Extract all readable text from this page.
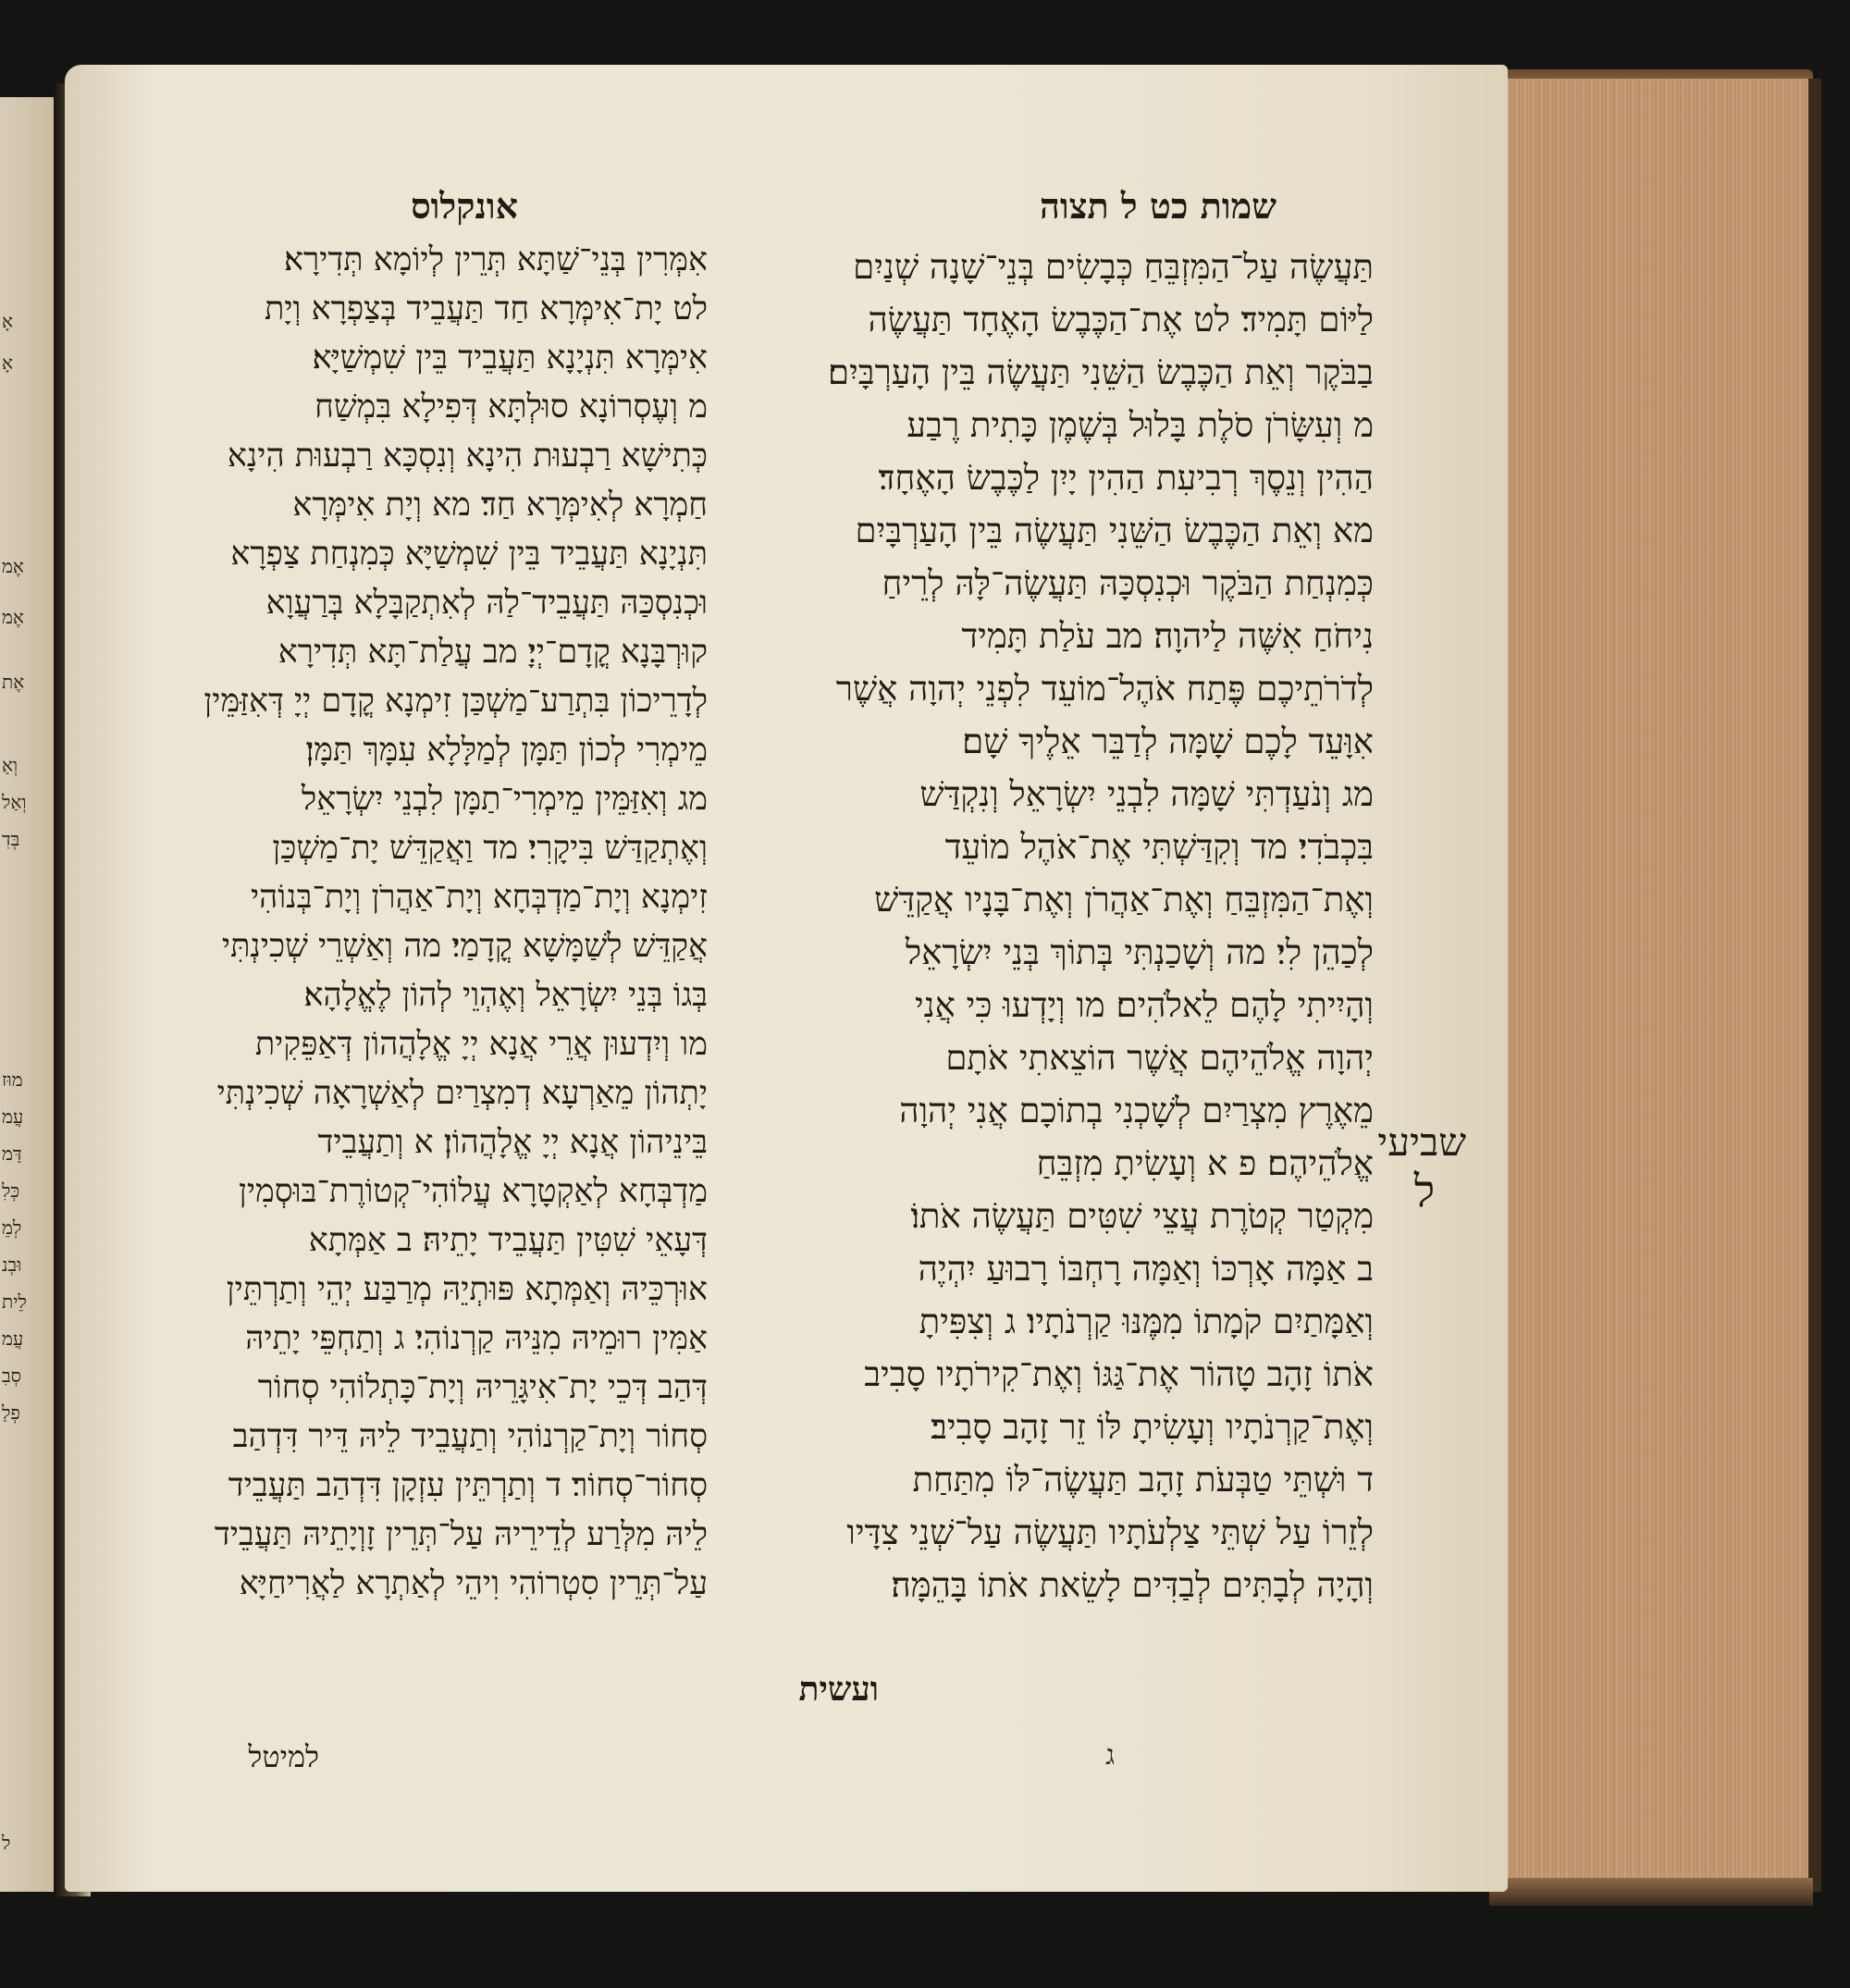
אָ
אָ
אֶמ
אֶמ
אֶת
וְאַ
וְאַל
בְּדִ
מוּז
עֲמ
דַּמ
כְּלִ
לְמֵ
וּבְנ
לֵית
עֲמ
סְבִ
פְלַ
ל
שמות כט ל תצוה
אונקלוס
תַּעֲשֶׂה עַל־הַמִּזְבֵּחַ כְּבָשִׂים בְּנֵי־שָׁנָה שְׁנַיִם
לַיּוֹם תָּמִיד׃ לט אֶת־הַכֶּבֶשׂ הָאֶחָד תַּעֲשֶׂה
בַבֹּקֶר וְאֵת הַכֶּבֶשׂ הַשֵּׁנִי תַּעֲשֶׂה בֵּין הָעַרְבָּיִם׃
מ וְעִשָּׂרֹן סֹלֶת בָּלוּל בְּשֶׁמֶן כָּתִית רֶבַע
הַהִין וְנֵסֶךְ רְבִיעִת הַהִין יָיִן לַכֶּבֶשׂ הָאֶחָד׃
מא וְאֵת הַכֶּבֶשׂ הַשֵּׁנִי תַּעֲשֶׂה בֵּין הָעַרְבָּיִם
כְּמִנְחַת הַבֹּקֶר וּכְנִסְכָּהּ תַּעֲשֶׂה־לָּהּ לְרֵיחַ
נִיחֹחַ אִשֶּׁה לַיהוָה׃ מב עֹלַת תָּמִיד
לְדֹרֹתֵיכֶם פֶּתַח אֹהֶל־מוֹעֵד לִפְנֵי יְהוָה אֲשֶׁר
אִוָּעֵד לָכֶם שָׁמָּה לְדַבֵּר אֵלֶיךָ שָׁם׃
מג וְנֹעַדְתִּי שָׁמָּה לִבְנֵי יִשְׂרָאֵל וְנִקְדַּשׁ
בִּכְבֹדִי׃ מד וְקִדַּשְׁתִּי אֶת־אֹהֶל מוֹעֵד
וְאֶת־הַמִּזְבֵּחַ וְאֶת־אַהֲרֹן וְאֶת־בָּנָיו אֲקַדֵּשׁ
לְכַהֵן לִי׃ מה וְשָׁכַנְתִּי בְּתוֹךְ בְּנֵי יִשְׂרָאֵל
וְהָיִיתִי לָהֶם לֵאלֹהִים׃ מו וְיָדְעוּ כִּי אֲנִי
יְהוָה אֱלֹהֵיהֶם אֲשֶׁר הוֹצֵאתִי אֹתָם
מֵאֶרֶץ מִצְרַיִם לְשָׁכְנִי בְתוֹכָם אֲנִי יְהוָה
אֱלֹהֵיהֶם׃ פ א וְעָשִׂיתָ מִזְבֵּחַ
מִקְטַר קְטֹרֶת עֲצֵי שִׁטִּים תַּעֲשֶׂה אֹתוֹ׃
ב אַמָּה אָרְכּוֹ וְאַמָּה רָחְבּוֹ רָבוּעַ יִהְיֶה
וְאַמָּתַיִם קֹמָתוֹ מִמֶּנּוּ קַרְנֹתָיו׃ ג וְצִפִּיתָ
אֹתוֹ זָהָב טָהוֹר אֶת־גַּגּוֹ וְאֶת־קִירֹתָיו סָבִיב
וְאֶת־קַרְנֹתָיו וְעָשִׂיתָ לּוֹ זֵר זָהָב סָבִיב׃
ד וּשְׁתֵּי טַבְּעֹת זָהָב תַּעֲשֶׂה־לּוֹ מִתַּחַת
לְזֵרוֹ עַל שְׁתֵּי צַלְעֹתָיו תַּעֲשֶׂה עַל־שְׁנֵי צִדָּיו
וְהָיָה לְבָתִּים לְבַדִּים לָשֵׂאת אֹתוֹ בָּהֵמָּה׃
ועשית
אִמְּרִין בְּנֵי־שַׁתָּא תְּרֵין לְיוֹמָא תְּדִירָא׃
לט יָת־אִימְּרָא חַד תַּעֲבֵיד בְּצַפְרָא וְיָת
אִימְּרָא תִּנְיָנָא תַּעֲבֵיד בֵּין שִׁמְשַׁיָּא׃
מ וְעֶסְרוֹנָא סוּלְתָּא דְּפִילָא בִּמְשַׁח
כְּתִישָׁא רַבְעוּת הִינָא וְנִסְכָּא רַבְעוּת הִינָא
חַמְרָא לְאִימְּרָא חַד׃ מא וְיָת אִימְּרָא
תִּנְיָנָא תַּעֲבֵיד בֵּין שִׁמְשַׁיָּא כְּמִנְחַת צַפְרָא
וּכְנִסְכַּהּ תַּעֲבֵיד־לַהּ לְאִתְקַבָּלָא בְּרַעֲוָא
קוּרְבָּנָא קֳדָם־יְיָ׃ מב עֲלַת־תָּא תְּדִירָא
לְדָרֵיכוֹן בִּתְרַע־מַשְׁכַּן זִימְנָא קֳדָם יְיָ דְּאִזַּמֵּין
מֵימְרִי לְכוֹן תַּמָּן לְמַלָּלָא עִמָּךְ תַּמָּן׃
מג וְאִזַּמֵּין מֵימְרִי־תַמָּן לִבְנֵי יִשְׂרָאֵל
וְאֶתְקַדַּשׁ בִּיקָרִי׃ מד וַאֲקַדֵּשׁ יָת־מַשְׁכַּן
זִימְנָא וְיָת־מַדְבְּחָא וְיָת־אַהֲרֹן וְיָת־בְּנוֹהִי
אֲקַדֵּשׁ לְשַׁמָּשָׁא קֳדָמַי׃ מה וְאַשְׁרֵי שְׁכִינְתִּי
בְּגוֹ בְּנֵי יִשְׂרָאֵל וְאֶהְוֵי לְהוֹן לֶאֱלָהָא׃
מו וְיִדְעוּן אֲרֵי אֲנָא יְיָ אֱלָהֲהוֹן דְּאַפֵּקִית
יָתְהוֹן מֵאַרְעָא דְמִצְרַיִם לְאַשְׁרָאָה שְׁכִינְתִּי
בֵּינֵיהוֹן אֲנָא יְיָ אֱלָהֲהוֹן׃ א וְתַעֲבֵיד
מַדְבְּחָא לְאַקְטָרָא עֲלוֹהִי־קְטוֹרֶת־בּוּסְמִין
דְּעָאֵי שִׁטִּין תַּעֲבֵיד יָתֵיהּ׃ ב אַמְּתָא
אוּרְכֵּיהּ וְאַמְּתָא פּוּתְיֵהּ מְרַבַּע יְהֵי וְתַרְתֵּין
אַמִּין רוּמֵיהּ מִנֵּיהּ קַרְנוֹהִי׃ ג וְתַחְפֵּי יָתֵיהּ
דְּהַב דְּכֵי יָת־אִיגָּרֵיהּ וְיָת־כָּתְלוֹהִי סְחוֹר
סְחוֹר וְיָת־קַרְנוֹהִי וְתַעֲבֵיד לֵיהּ דֵּיר דִּדְהַב
סְחוֹר־סְחוֹר׃ ד וְתַרְתֵּין עִזְקָן דִּדְהַב תַּעֲבֵיד
לֵיהּ מִלְּרַע לְדֵירֵיהּ עַל־תְּרֵין זָוְיָתֵיהּ תַּעֲבֵיד
עַל־תְּרֵין סִטְרוֹהִי וִיהֵי לְאַתְרָא לַאֲרִיחַיָּא
למיטל
שביעי
ל
ג
